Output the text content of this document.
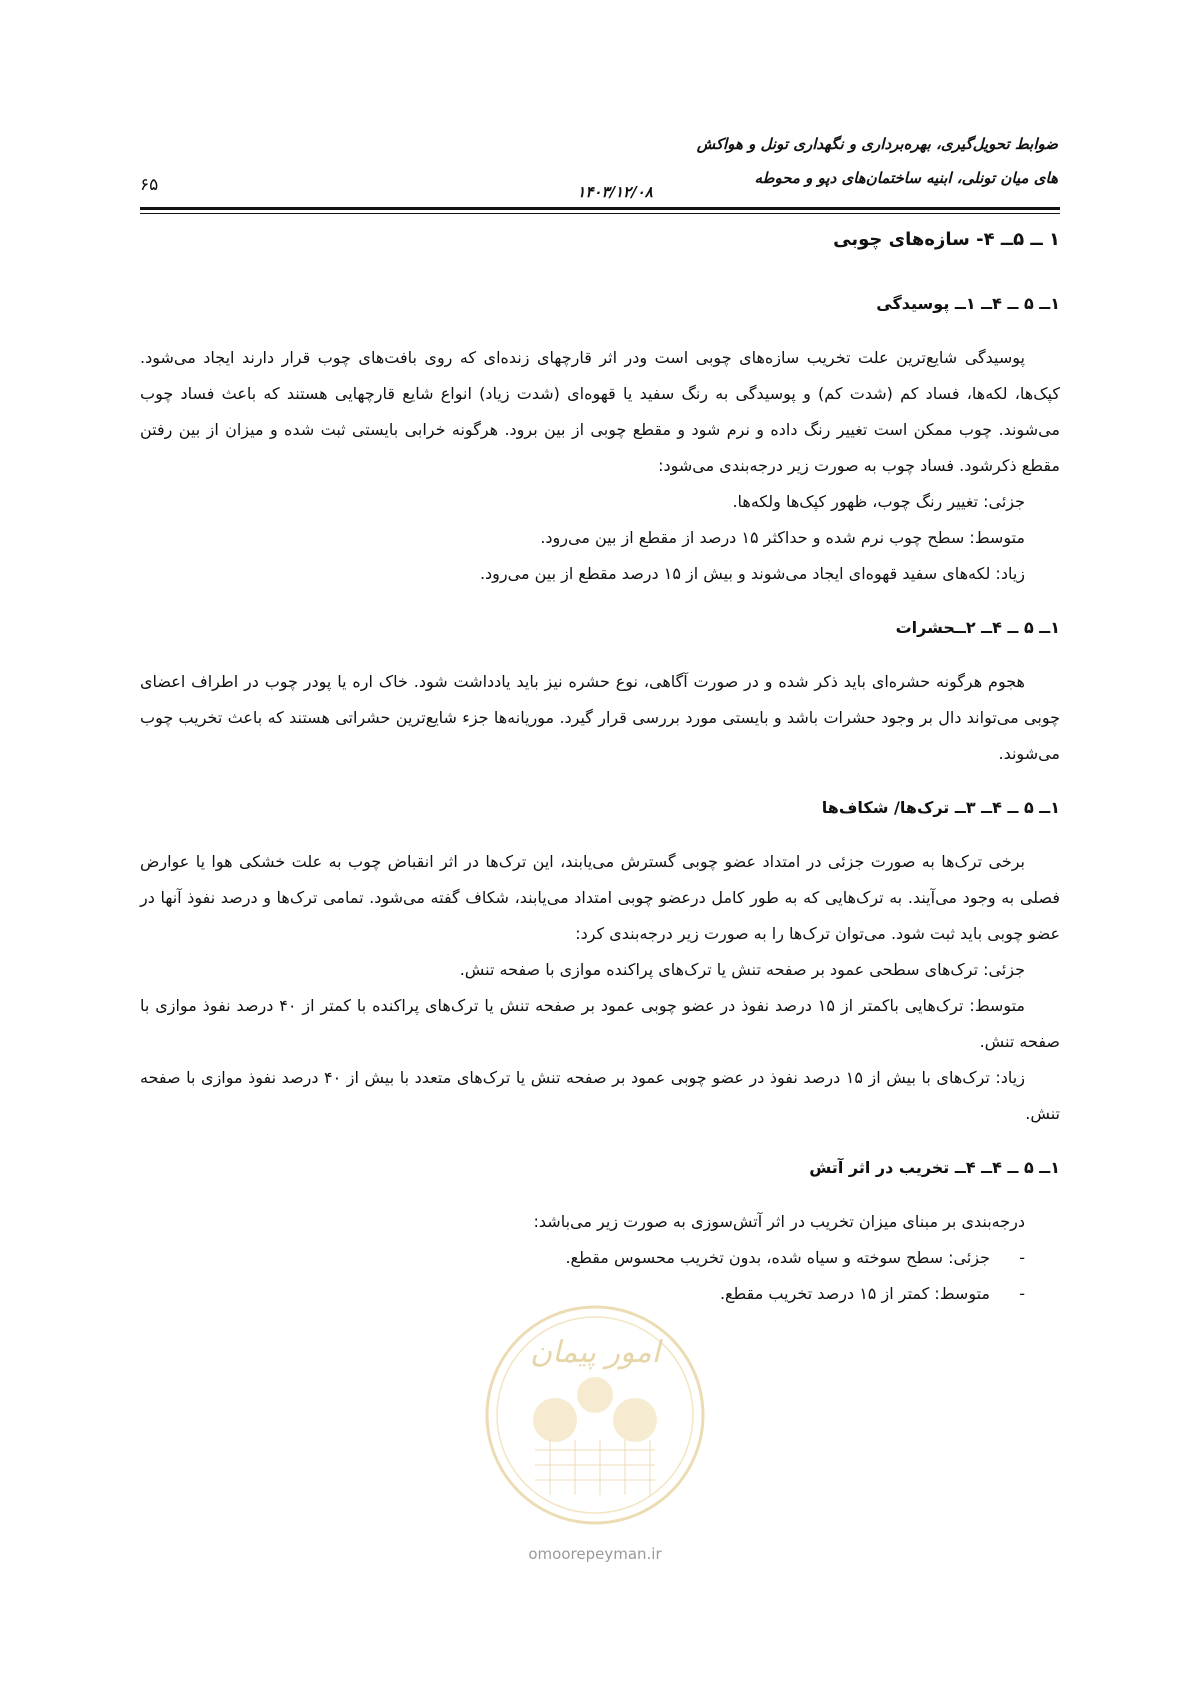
ضوابط تحویل‌گیری، بهره‌برداری و نگهداری تونل و هواکش
های میان تونلی، ابنیه ساختمان‌های دپو و محوطه
۱۴۰۳/۱۲/۰۸
۶۵

۱ ــ ۵ــ ۴- سازه‌های چوبی

۱ــ ۵ ــ ۴ــ ۱ــ پوسیدگی

پوسیدگی شایع‌ترین علت تخریب سازه‌های چوبی است ودر اثر قارچهای زنده‌ای که روی بافت‌های چوب قرار دارند ایجاد می‌شود. کپک‌ها، لکه‌ها، فساد کم (شدت کم) و پوسیدگی به رنگ سفید یا قهوه‌ای (شدت زیاد) انواع شایع قارچهایی هستند که باعث فساد چوب می‌شوند. چوب ممکن است تغییر رنگ داده و نرم شود و مقطع چوبی از بین برود. هرگونه خرابی بایستی ثبت شده و میزان از بین رفتن مقطع ذکرشود. فساد چوب به صورت زیر درجه‌بندی می‌شود:

جزئی: تغییر رنگ چوب، ظهور کپک‌ها ولکه‌ها.

متوسط: سطح چوب نرم شده و حداکثر ۱۵ درصد از مقطع از بین می‌رود.

زیاد: لکه‌های سفید قهوه‌ای ایجاد می‌شوند و بیش از ۱۵ درصد مقطع از بین می‌رود.

۱ــ ۵ ــ ۴ــ ۲ــحشرات

هجوم هرگونه حشره‌ای باید ذکر شده و در صورت آگاهی، نوع حشره نیز باید یادداشت شود. خاک اره یا پودر چوب در اطراف اعضای چوبی می‌تواند دال بر وجود حشرات باشد و بایستی مورد بررسی قرار گیرد. موریانه‌ها جزء شایع‌ترین حشراتی هستند که باعث تخریب چوب می‌شوند.

۱ــ ۵ ــ ۴ــ ۳ــ ترک‌ها/ شکاف‌ها

برخی ترک‌ها به صورت جزئی در امتداد عضو چوبی گسترش می‌یابند، این ترک‌ها در اثر انقباض چوب به علت خشکی هوا یا عوارض فصلی به وجود می‌آیند. به ترک‌هایی که به طور کامل درعضو چوبی امتداد می‌یابند، شکاف گفته می‌شود. تمامی ترک‌ها و درصد نفوذ آنها در عضو چوبی باید ثبت شود. می‌توان ترک‌ها را به صورت زیر درجه‌بندی کرد:

جزئی: ترک‌های سطحی عمود بر صفحه تنش یا ترک‌های پراکنده موازی با صفحه تنش.

متوسط: ترک‌هایی باکمتر از ۱۵ درصد نفوذ در عضو چوبی عمود بر صفحه تنش یا ترک‌های پراکنده با کمتر از ۴۰ درصد نفوذ موازی با صفحه تنش.

زیاد: ترک‌های با بیش از ۱۵ درصد نفوذ در عضو چوبی عمود بر صفحه تنش یا ترک‌های متعدد با بیش از ۴۰ درصد نفوذ موازی با صفحه تنش.

۱ــ ۵ ــ ۴ــ ۴ــ تخریب در اثر آتش

درجه‌بندی بر مبنای میزان تخریب در اثر آتش‌سوزی به صورت زیر می‌باشد:

-
جزئی: سطح سوخته و سیاه شده، بدون تخریب محسوس مقطع.
-
متوسط: کمتر از ۱۵ درصد تخریب مقطع.
امور پیمان
omoorepeyman.ir
